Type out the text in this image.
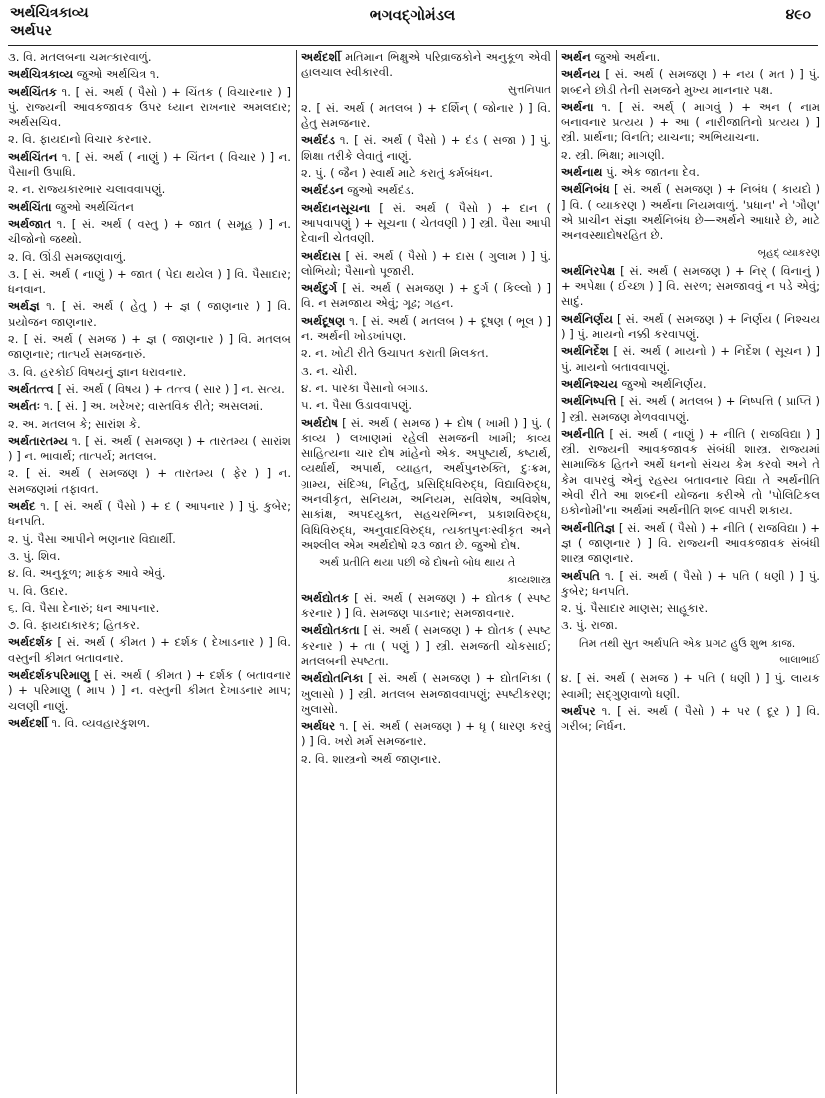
અર્થચિત્રકાવ્ય
અર્થપર
ભગવદ્ગોમંડલ	૪૯૦
૩. વિ. મતલબના ચમત્કારવાળું.
અર્થચિત્રકાવ્ય જુઓ અર્થચિત્ર ૧.
અર્થચિંતક ૧. [ સં. અર્થ ( પૈસો ) + ચિંતક ( વિચારનાર ) ] પું. રાજ્યની આવકજાવક ઉપર ધ્યાન રાખનાર અમલદાર; અર્થસચિવ.
૨. વિ. ફાયદાનો વિચાર કરનાર.
અર્થચિંતન ૧. [ સં. અર્થ ( નાણું ) + ચિંતન ( વિચાર ) ] ન. પૈસાની ઉપાધિ.
૨. ન. રાજ્યકારભાર ચલાવવાપણું.
અર્થચિંતા જુઓ અર્થચિંતન
અર્થજાત ૧. [ સં. અર્થ ( વસ્તુ ) + જાત ( સમૂહ ) ] ન. ચીજોનો જથ્થો.
૨. વિ. ઊંડી સમજણવાળું.
૩. [ સં. અર્થ ( નાણું ) + જાત ( પેદા થયેલ ) ] વિ. પૈસાદાર; ધનવાન.
અર્થજ્ઞ ૧. [ સં. અર્થ ( હેતુ ) + જ્ઞ ( જાણનાર ) ] વિ. પ્રયોજન જાણનાર.
૨. [ સં. અર્થ ( સમજ ) + જ્ઞ ( જાણનાર ) ] વિ. મતલબ જાણનાર; તાત્પર્ય સમજનારું.
૩. વિ. હરકોઈ વિષયનું જ્ઞાન ધરાવનાર.
અર્થતત્ત્વ [ સં. અર્થ ( વિષય ) + તત્ત્વ ( સાર ) ] ન. સત્ય.
અર્થતઃ ૧. [ સં. ] અ. ખરેખર; વાસ્તવિક રીતે; અસલમાં.
૨. અ. મતલબ કે; સારાંશ કે.
અર્થતારતમ્ય ૧. [ સં. અર્થ ( સમજણ ) + તારતમ્ય ( સારાંશ ) ] ન. ભાવાર્થ; તાત્પર્ય; મતલબ.
૨. [ સં. અર્થ ( સમજણ ) + તારતમ્ય ( ફેર ) ] ન. સમજણમાં તફાવત.
અર્થદ ૧. [ સં. અર્થ ( પૈસો ) + દ ( આપનાર ) ] પું. કુબેર; ધનપતિ.
૨. પું. પૈસા આપીને ભણનાર વિદ્યાર્થી.
૩. પું. શિવ.
૪. વિ. અનુકૂળ; માફક આવે એવું.
૫. વિ. ઉદાર.
૬. વિ. પૈસા દેનારું; ધન આપનાર.
૭. વિ. ફાયદાકારક; હિતકર.
અર્થદર્શક [ સં. અર્થ ( કીમત ) + દર્શક ( દેખાડનાર ) ] વિ. વસ્તુની કીમત બતાવનાર.
અર્થદર્શકપરિમાણુ [ સં. અર્થ ( કીમત ) + દર્શક ( બતાવનાર ) + પરિમાણુ ( માપ ) ] ન. વસ્તુની કીમત દેખાડનાર માપ; ચલણી નાણું.
અર્થદર્શી ૧. વિ. વ્યવહારકુશળ.
અર્થદર્શી મતિમાન ભિક્ષુએ પરિવ્રાજકોને અનુકૂળ એવી હાલચાલ સ્વીકારવી.
સુત્તનિપાત
૨. [ સં. અર્થ ( મતલબ ) + દર્શિન્ ( જોનાર ) ] વિ. હેતુ સમજનાર.
અર્થદંડ ૧. [ સં. અર્થ ( પૈસો ) + દંડ ( સજા ) ] પું. શિક્ષા તરીકે લેવાતું નાણું.
૨. પું. ( જૈન ) સ્વાર્થ માટે કરાતું કર્મબંધન.
અર્થદંડન જુઓ અર્થદંડ.
અર્થદાનસૂચના [ સં. અર્થ ( પૈસો ) + દાન ( આપવાપણું ) + સૂચના ( ચેતવણી ) ] સ્ત્રી. પૈસા આપી દેવાની ચેતવણી.
અર્થદાસ [ સં. અર્થ ( પૈસો ) + દાસ ( ગુલામ ) ] પું. લોભિયો; પૈસાનો પૂજારી.
અર્થદુર્ગ [ સં. અર્થ ( સમજણ ) + દુર્ગ ( કિલ્લો ) ] વિ. ન સમજાય એવું; ગૂઢ; ગહન.
અર્થદૂષણ ૧. [ સં. અર્થ ( મતલબ ) + દૂષણ ( ભૂલ ) ] ન. અર્થની ખોડખાંપણ.
૨. ન. ખોટી રીતે ઉચાપત કરાતી મિલકત.
૩. ન. ચોરી.
૪. ન. પારકા પૈસાનો બગાડ.
૫. ન. પૈસા ઉડાવવાપણું.
અર્થદોષ [ સં. અર્થ ( સમજ ) + દોષ ( ખામી ) ] પું. ( કાવ્ય ) લખાણમાં રહેલી સમજની ખામી; કાવ્ય સાહિત્યના ચાર દોષ માંહેનો એક. અપુષ્ટાર્થ, કષ્ટાર્થ, વ્યર્થાર્થ, અપાર્થ, વ્યાહત, અર્થપુનરુક્તિ, દુઃક્રમ, ગ્રામ્ય, સંદિગ્ધ, નિર્હેતુ, પ્રસિદ્ધિવિરુદ્ધ, વિદ્યાવિરુદ્ધ, અનવીકૃત, સનિયમ, અનિયમ, સવિશેષ, અવિશેષ, સાકાંક્ષ, અપદયુક્ત, સહચરભિન્ન, પ્રકાશવિરુદ્ધ, વિધિવિરુદ્ધ, અનુવાદવિરુદ્ધ, ત્યક્તપુનઃસ્વીકૃત અને અશ્લીલ એમ અર્થદોષો ૨૩ જાત છે. જુઓ દોષ.
અર્થ પ્રતીતિ થયા પછી જે દોષનો બોધ થાય તે
કાવ્યશાસ્ત્ર
અર્થદ્યોતક [ સં. અર્થ ( સમજણ ) + દ્યોતક ( સ્પષ્ટ કરનાર ) ] વિ. સમજણ પાડનાર; સમજાવનાર.
અર્થદ્યોતકતા [ સં. અર્થ ( સમજણ ) + દ્યોતક ( સ્પષ્ટ કરનાર ) + તા ( પણું ) ] સ્ત્રી. સમજતી ચોકસાઈ; મતલબની સ્પષ્ટતા.
અર્થદ્યોતનિકા [ સં. અર્થ ( સમજણ ) + દ્યોતનિકા ( ખુલાસો ) ] સ્ત્રી. મતલબ સમજાવવાપણું; સ્પષ્ટીકરણ; ખુલાસો.
અર્થધર ૧. [ સં. અર્થ ( સમજણ ) + ધૃ ( ધારણ કરવું ) ] વિ. ખરો મર્મ સમજનાર.
૨. વિ. શાસ્ત્રનો અર્થ જાણનાર.
અર્થન જુઓ અર્થના.
અર્થનય [ સં. અર્થ ( સમજણ ) + નય ( મત ) ] પું. શબ્દને છોડી તેની સમજને મુખ્ય માનનાર પક્ષ.
અર્થના ૧. [ સં. અર્થ્ ( માગવું ) + અન ( નામ બનાવનાર પ્રત્યય ) + આ ( નારીજાતિનો પ્રત્યય ) ] સ્ત્રી. પ્રાર્થના; વિનતિ; યાચના; અભિયાચના.
૨. સ્ત્રી. ભિક્ષા; માગણી.
અર્થનાથ પું. એક જાતના દેવ.
અર્થનિબંધ [ સં. અર્થ ( સમજણ ) + નિબંધ ( કાયદો ) ] વિ. ( વ્યાકરણ ) અર્થના નિયમવાળું. 'પ્રધાન' ને 'ગૌણ' એ પ્રાચીન સંજ્ઞા અર્થનિબંધ છે—અર્થને આધારે છે, માટે અનવસ્થાદોષરહિત છે.
બૃહદ્ વ્યાકરણ
અર્થનિરપેક્ષ [ સં. અર્થ ( સમજણ ) + નિર્ ( વિનાનું ) + અપેક્ષા ( ઈચ્છા ) ] વિ. સરળ; સમજાવવું ન પડે એવું; સાદું.
અર્થનિર્ણય [ સં. અર્થ ( સમજણ ) + નિર્ણય ( નિશ્ચય ) ] પું. માયનો નક્કી કરવાપણું.
અર્થનિર્દેશ [ સં. અર્થ ( માયનો ) + નિર્દેશ ( સૂચન ) ] પું. માયનો બતાવવાપણું.
અર્થનિશ્ચય જુઓ અર્થનિર્ણય.
અર્થનિષ્પત્તિ [ સં. અર્થ ( મતલબ ) + નિષ્પત્તિ ( પ્રાપ્તિ ) ] સ્ત્રી. સમજણ મેળવવાપણું.
અર્થનીતિ [ સં. અર્થ ( નાણું ) + નીતિ ( રાજવિદ્યા ) ] સ્ત્રી. રાજ્યની આવકજાવક સંબંધી શાસ્ત્ર. રાજ્યમાં સામાજિક હિતને અર્થે ધનનો સંચય કેમ કરવો અને તે કેમ વાપરવું એનું રહસ્ય બતાવનાર વિદ્યા તે અર્થનીતિ એવી રીતે આ શબ્દની યોજના કરીએ તો 'પોલિટિકલ ઇકોનોમી'ના અર્થમાં અર્થનીતિ શબ્દ વાપરી શકાય.
અર્થનીતિજ્ઞ [ સં. અર્થ ( પૈસો ) + નીતિ ( રાજવિદ્યા ) + જ્ઞ ( જાણનાર ) ] વિ. રાજ્યની આવકજાવક સંબંધી શાસ્ત્ર જાણનાર.
અર્થપતિ ૧. [ સં. અર્થ ( પૈસો ) + પતિ ( ધણી ) ] પું. કુબેર; ધનપતિ.
૨. પું. પૈસાદાર માણસ; સાહૂકાર.
૩. પું. રાજા.
તિમ તથી સુત અર્થપતિ એક પ્રગટ હુઉ શુભ કાજ.
બાલાભાઈ
૪. [ સં. અર્થ ( સમજ ) + પતિ ( ધણી ) ] પું. લાયક સ્વામી; સદ્ગુણવાળો ધણી.
અર્થપર ૧. [ સં. અર્થ ( પૈસો ) + પર ( દૂર ) ] વિ. ગરીબ; નિર્ધન.
